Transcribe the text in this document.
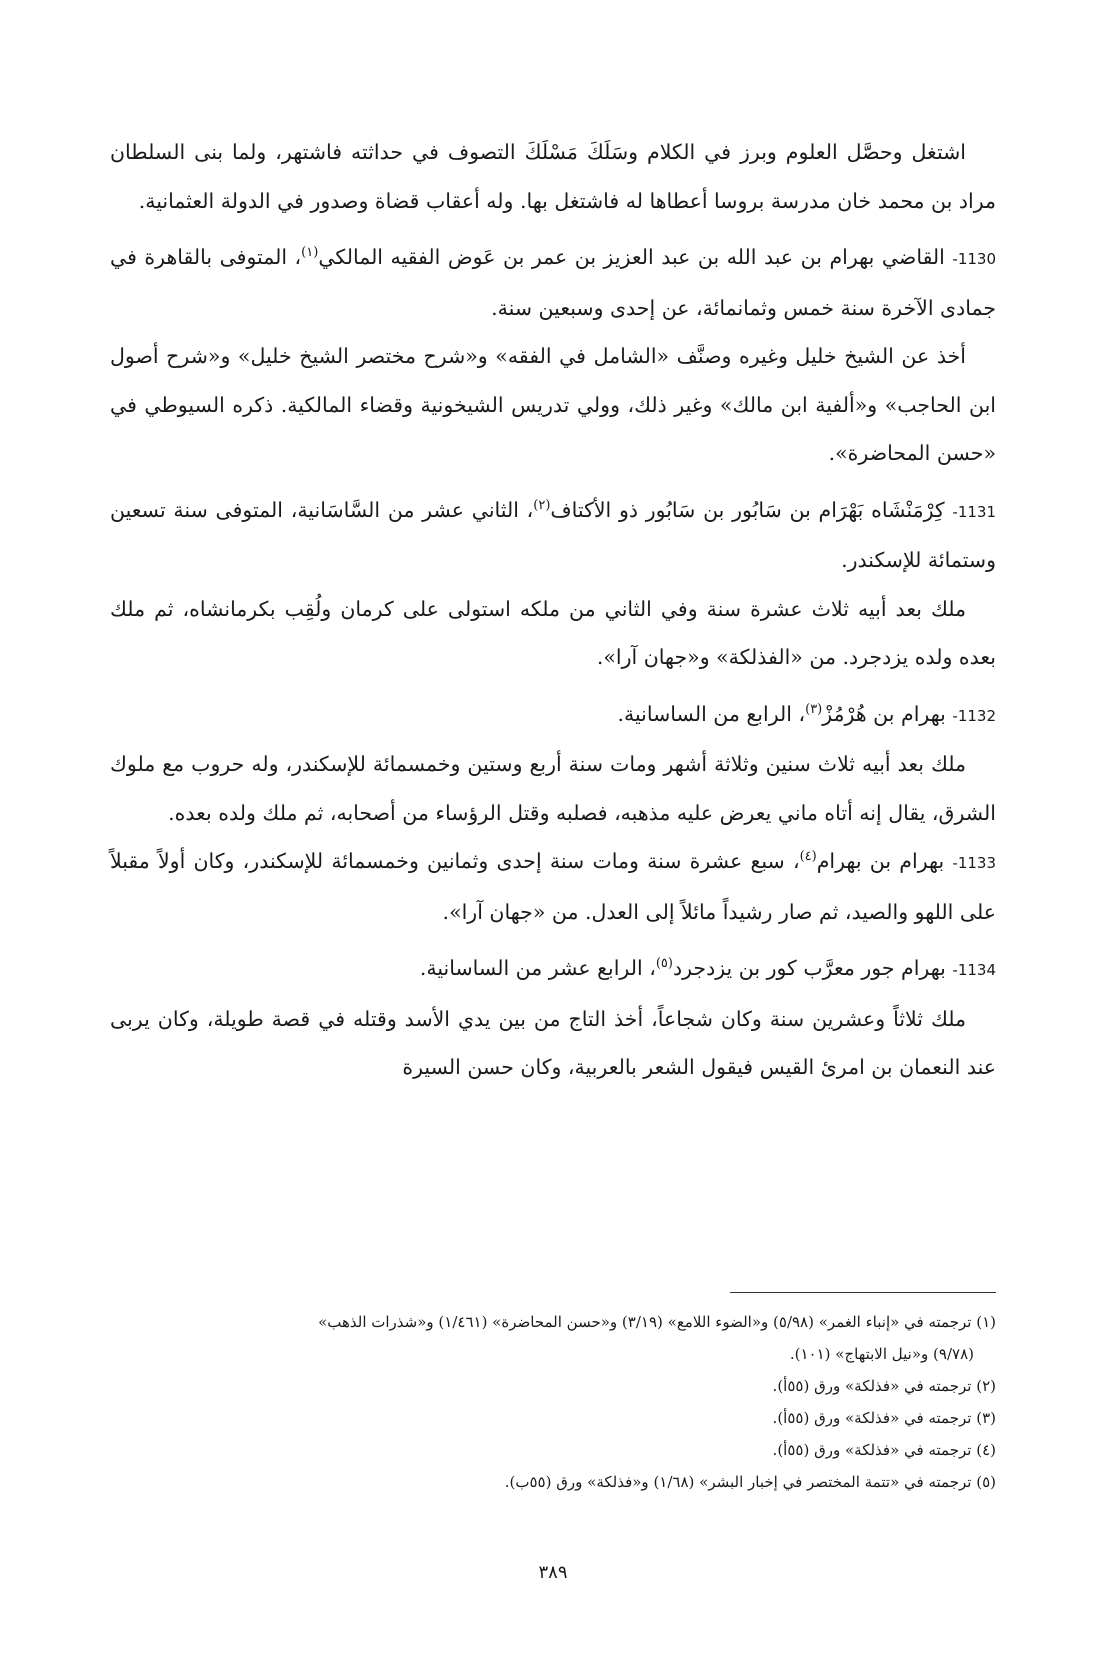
اشتغل وحصَّل العلوم وبرز في الكلام وسَلَكَ مَسْلَكَ التصوف في حداثته فاشتهر، ولما بنى السلطان مراد بن محمد خان مدرسة بروسا أعطاها له فاشتغل بها. وله أعقاب قضاة وصدور في الدولة العثمانية.

1130- القاضي بهرام بن عبد الله بن عبد العزيز بن عمر بن عَوض الفقيه المالكي$^{(١)}$، المتوفى بالقاهرة في جمادى الآخرة سنة خمس وثمانمائة، عن إحدى وسبعين سنة.

أخذ عن الشيخ خليل وغيره وصنَّف «الشامل في الفقه» و«شرح مختصر الشيخ خليل» و«شرح أصول ابن الحاجب» و«ألفية ابن مالك» وغير ذلك، وولي تدريس الشيخونية وقضاء المالكية. ذكره السيوطي في «حسن المحاضرة».

1131- كِرْمَنْشَاه بَهْرَام بن سَابُور بن سَابُور ذو الأكتاف$^{(٢)}$، الثاني عشر من السَّاسَانية، المتوفى سنة تسعين وستمائة للإسكندر.

ملك بعد أبيه ثلاث عشرة سنة وفي الثاني من ملكه استولى على كرمان ولُقِب بكرمانشاه، ثم ملك بعده ولده يزدجرد. من «الفذلكة» و«جهان آرا».

1132- بهرام بن هُرْمُزْ$^{(٣)}$، الرابع من الساسانية.

ملك بعد أبيه ثلاث سنين وثلاثة أشهر ومات سنة أربع وستين وخمسمائة للإسكندر، وله حروب مع ملوك الشرق، يقال إنه أتاه ماني يعرض عليه مذهبه، فصلبه وقتل الرؤساء من أصحابه، ثم ملك ولده بعده.

1133- بهرام بن بهرام$^{(٤)}$، سبع عشرة سنة ومات سنة إحدى وثمانين وخمسمائة للإسكندر، وكان أولاً مقبلاً على اللهو والصيد، ثم صار رشيداً مائلاً إلى العدل. من «جهان آرا».

1134- بهرام جور معرَّب كور بن يزدجرد$^{(٥)}$، الرابع عشر من الساسانية.

ملك ثلاثاً وعشرين سنة وكان شجاعاً، أخذ التاج من بين يدي الأسد وقتله في قصة طويلة، وكان يربى عند النعمان بن امرئ القيس فيقول الشعر بالعربية، وكان حسن السيرة

(١) ترجمته في «إنباء الغمر» (٥/٩٨) و«الضوء اللامع» (٣/١٩) و«حسن المحاضرة» (١/٤٦١) و«شذرات الذهب»

(٩/٧٨) و«نيل الابتهاج» (١٠١).

(٢) ترجمته في «فذلكة» ورق (٥٥أ).

(٣) ترجمته في «فذلكة» ورق (٥٥أ).

(٤) ترجمته في «فذلكة» ورق (٥٥أ).

(٥) ترجمته في «تتمة المختصر في إخبار البشر» (١/٦٨) و«فذلكة» ورق (٥٥ب).

٣٨٩
